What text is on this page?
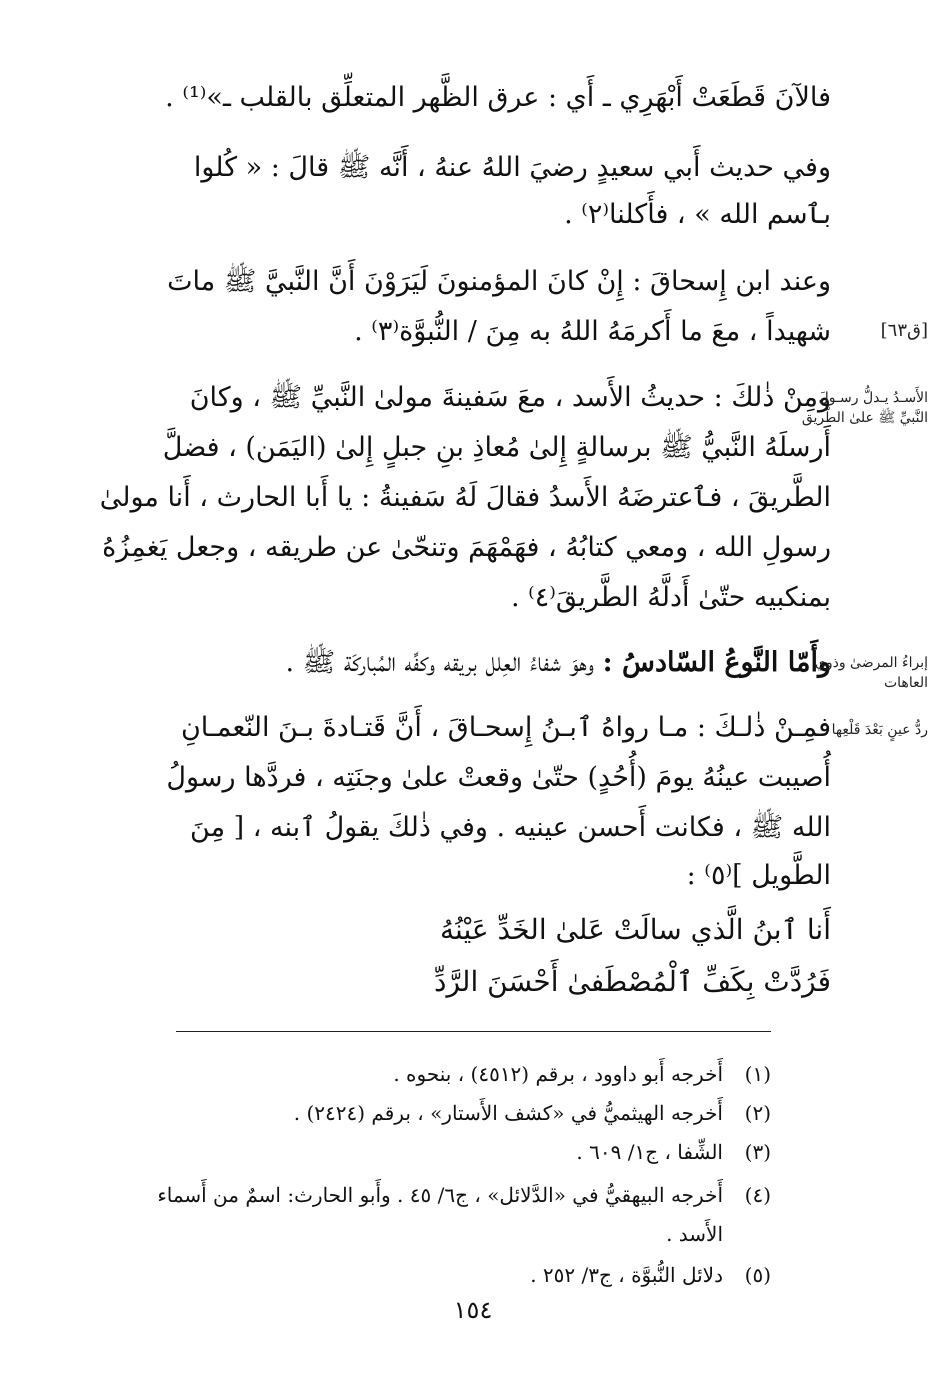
فالآنَ قَطَعَتْ أَبْهَرِي ـ أَي : عرق الظَّهر المتعلِّق بالقلب ـ»⁽¹⁾ .
وفي حديث أَبي سعيدٍ رضيَ اللهُ عنهُ ، أَنَّه ﷺ قالَ : « كُلوا
بٱسم الله » ، فأَكلنا⁽٢⁾ .
وعند ابن إِسحاقَ : إِنْ كانَ المؤمنونَ لَيَرَوْنَ أَنَّ النَّبيَّ ﷺ ماتَ
شهيداً ، معَ ما أَكرمَهُ اللهُ به مِنَ / النُّبوَّة⁽٣⁾ .	[ق٦٣]
ومِنْ ذٰلكَ : حديثُ الأَسد ، معَ سَفينةَ مولىٰ النَّبيِّ ﷺ ، وكانَ
أَرسلَهُ النَّبيُّ ﷺ برسالةٍ إِلىٰ مُعاذِ بنِ جبلٍ إِلىٰ (اليَمَن) ، فضلَّ
الطَّريقَ ، فٱعترضَهُ الأَسدُ فقالَ لَهُ سَفينةُ : يا أَبا الحارث ، أَنا مولىٰ
رسولِ الله ، ومعي كتابُهُ ، فهَمْهَمَ وتنحّىٰ عن طريقه ، وجعل يَغمِزُهُ
بمنكبيه حتّىٰ أَدلَّهُ الطَّريقَ⁽٤⁾ .
الأَسـدُ يـدلُّ رسـولَ النَّبيِّ ﷺ علىٰ الطَّريق
وأَمّا النَّوعُ السّادسُ : وهوَ شفاءُ العِلل بريقه وكفِّه المُباركَة ﷺ .	إبراءُ المرضىٰ وذوي العاهات
فمِـنْ ذٰلـكَ : مـا رواهُ ٱبـنُ إِسحـاقَ ، أَنَّ قَتـادةَ بـنَ النّعمـانِ ردُّ عينٍ بَعْدَ قَلْعِها
أُصيبت عينُهُ يومَ (أُحُدٍ) حتّىٰ وقعتْ علىٰ وجنَتِه ، فردَّها رسولُ
الله ﷺ ، فكانت أَحسن عينيه . وفي ذٰلكَ يقولُ ٱبنه ، [ مِنَ
الطَّويل ]⁽٥⁾ :
أَنا ٱبنُ الَّذي سالَتْ عَلىٰ الخَدِّ عَيْنُهُ
فَرُدَّتْ بِكَفِّ ٱلْمُصْطَفىٰ أَحْسَنَ الرَّدِّ
(١)أَخرجه أَبو داوود ، برقم (٤٥١٢) ، بنحوه .
(٢)أَخرجه الهيثميُّ في «كشف الأَستار» ، برقم (٢٤٢٤) .
(٣)الشِّفا ، ج١/ ٦٠٩ .
(٤)أَخرجه البيهقيُّ في «الدَّلائل» ، ج٦/ ٤٥ . وأَبو الحارث: اسمٌ من أَسماء
الأَسد .
(٥)دلائل النُّبوَّة ، ج٣/ ٢٥٢ .
١٥٤
